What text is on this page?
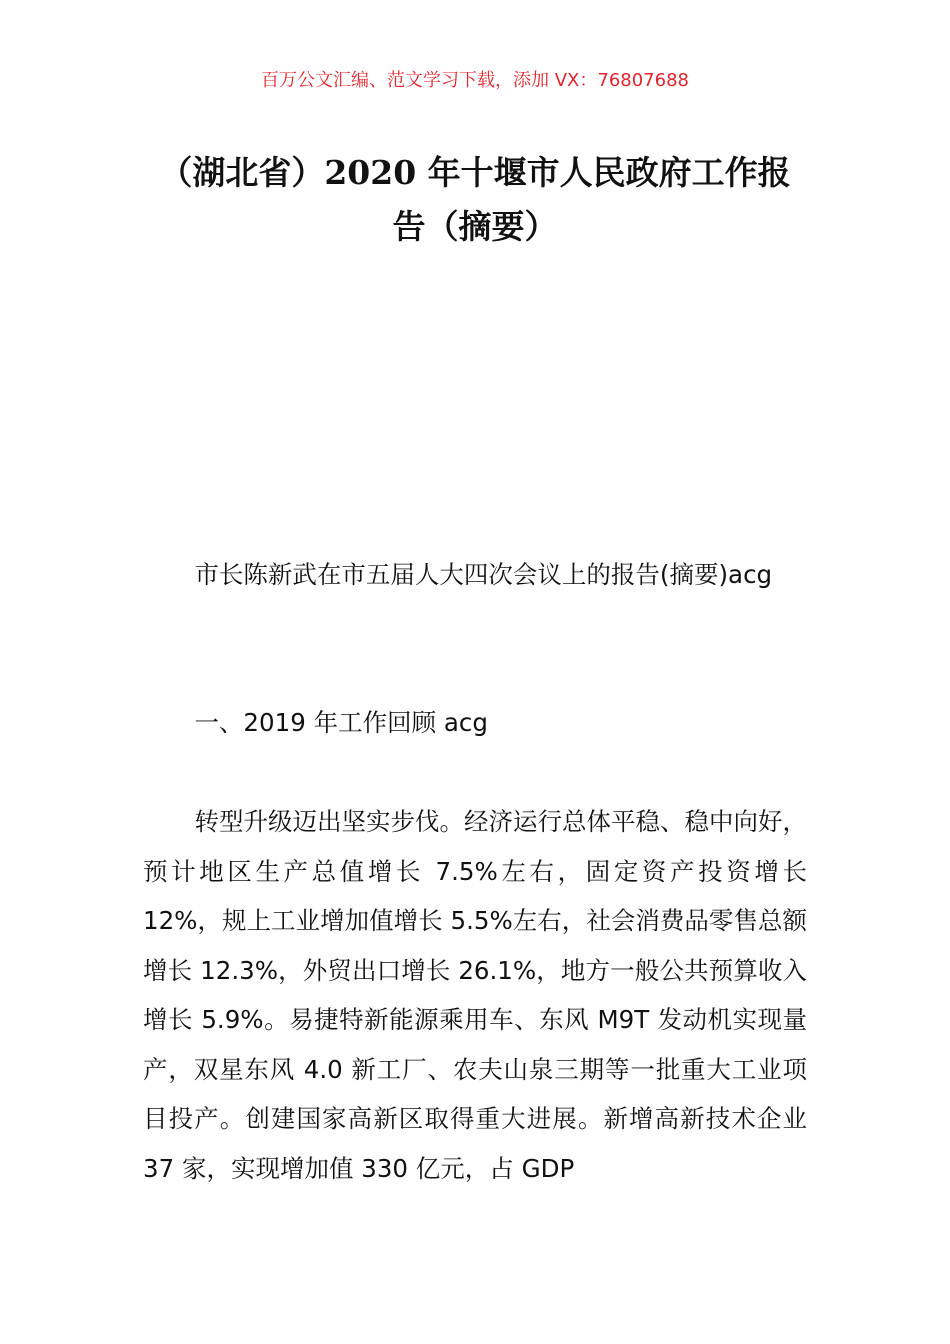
百万公文汇编、范文学习下载，添加 VX：76807688
（湖北省）2020 年十堰市人民政府工作报
告（摘要）

市长陈新武在市五届人大四次会议上的报告(摘要)acg

一、2019 年工作回顾 acg

转型升级迈出坚实步伐。经济运行总体平稳、稳中向好，预计地区生产总值增长 7.5%左右，固定资产投资增长 12%，规上工业增加值增长 5.5%左右，社会消费品零售总额增长 12.3%，外贸出口增长 26.1%，地方一般公共预算收入增长 5.9%。易捷特新能源乘用车、东风 M9T 发动机实现量产，双星东风 4.0 新工厂、农夫山泉三期等一批重大工业项目投产。创建国家高新区取得重大进展。新增高新技术企业 37 家，实现增加值 330 亿元，占 GDP
